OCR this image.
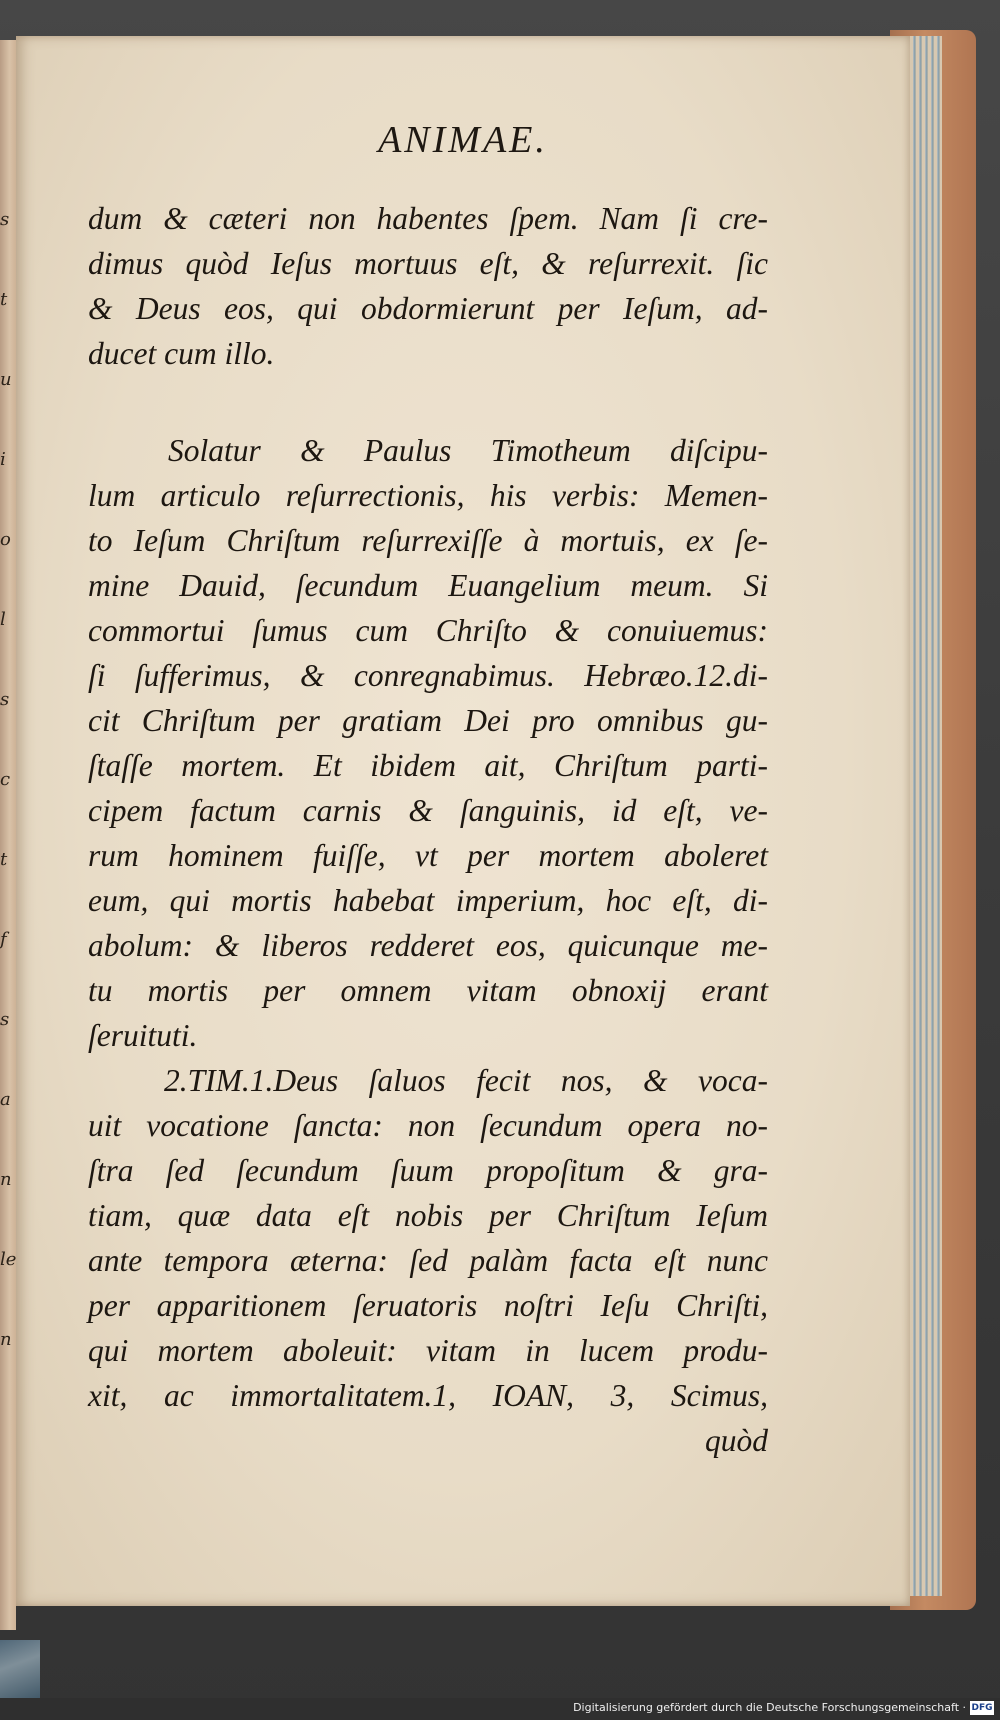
s
t
u
i
o
l
s
c
t
f
s
a
n
le
n
ANIMAE.
dum & cæteri non habentes ſpem. Nam ſi cre-
dimus quòd Ieſus mortuus eſt, & reſurrexit. ſic
& Deus eos, qui obdormierunt per Ieſum, ad-
ducet cum illo.
Solatur & Paulus Timotheum diſcipu-
lum articulo reſurrectionis, his verbis: Memen-
to Ieſum Chriſtum reſurrexiſſe à mortuis, ex ſe-
mine Dauid, ſecundum Euangelium meum. Si
commortui ſumus cum Chriſto & conuiuemus:
ſi ſufferimus, & conregnabimus. Hebræo.12.di-
cit Chriſtum per gratiam Dei pro omnibus gu-
ſtaſſe mortem. Et ibidem ait, Chriſtum parti-
cipem factum carnis & ſanguinis, id eſt, ve-
rum hominem fuiſſe, vt per mortem aboleret
eum, qui mortis habebat imperium, hoc eſt, di-
abolum: & liberos redderet eos, quicunque me-
tu mortis per omnem vitam obnoxij erant
ſeruituti.
2.TIM.1.Deus ſaluos fecit nos, & voca-
uit vocatione ſancta: non ſecundum opera no-
ſtra ſed ſecundum ſuum propoſitum & gra-
tiam, quæ data eſt nobis per Chriſtum Ieſum
ante tempora æterna: ſed palàm facta eſt nunc
per apparitionem ſeruatoris noſtri Ieſu Chriſti,
qui mortem aboleuit: vitam in lucem produ-
xit, ac immortalitatem.1, IOAN, 3, Scimus,
quòd
Digitalisierung gefördert durch die Deutsche Forschungsgemeinschaft · DFG
